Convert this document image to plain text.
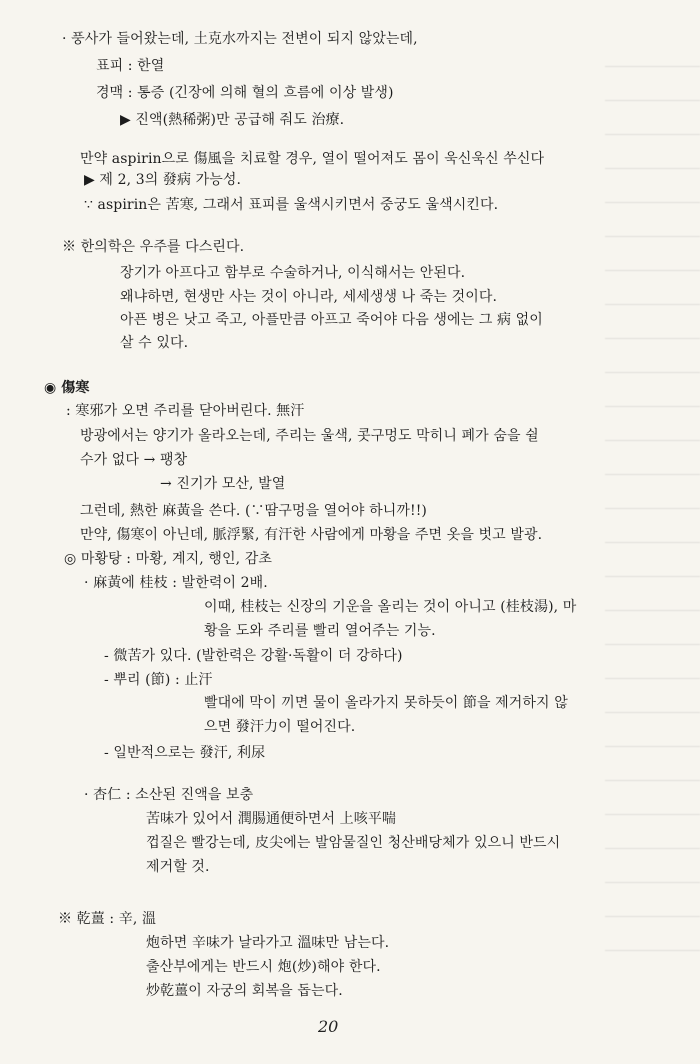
· 풍사가 들어왔는데, 土克水까지는 전변이 되지 않았는데,
표피 : 한열
경맥 : 통증 (긴장에 의해 혈의 흐름에 이상 발생)
▶ 진액(熱稀粥)만 공급해 줘도 治療.
만약 aspirin으로 傷風을 치료할 경우, 열이 떨어져도 몸이 욱신욱신 쑤신다
▶ 제 2, 3의 發病 가능성.
∵ aspirin은 苦寒, 그래서 표피를 울색시키면서 중궁도 울색시킨다.
※ 한의학은 우주를 다스린다.
장기가 아프다고 함부로 수술하거나, 이식해서는 안된다.
왜냐하면, 현생만 사는 것이 아니라, 세세생생 나 죽는 것이다.
아픈 병은 낫고 죽고, 아플만큼 아프고 죽어야 다음 생에는 그 病 없이
살 수 있다.
◉ 傷寒
: 寒邪가 오면 주리를 닫아버린다. 無汗
방광에서는 양기가 올라오는데, 주리는 울색, 콧구멍도 막히니 폐가 숨을 쉴
수가 없다 → 팽창
→ 진기가 모산, 발열
그런데, 熱한 麻黃을 쓴다. (∵땀구멍을 열어야 하니까!!)
만약, 傷寒이 아닌데, 脈浮緊, 有汗한 사람에게 마황을 주면 옷을 벗고 발광.
◎ 마황탕 : 마황, 계지, 행인, 감초
· 麻黃에 桂枝 : 발한력이 2배.
이때, 桂枝는 신장의 기운을 올리는 것이 아니고 (桂枝湯), 마
황을 도와 주리를 빨리 열어주는 기능.
- 微苦가 있다. (발한력은 강활·독활이 더 강하다)
- 뿌리 (節) : 止汗
빨대에 막이 끼면 물이 올라가지 못하듯이 節을 제거하지 않
으면 發汗力이 떨어진다.
- 일반적으로는 發汗, 利尿
· 杏仁 : 소산된 진액을 보충
苦味가 있어서 潤腸通便하면서 上咳平喘
껍질은 빨강는데, 皮尖에는 발암물질인 청산배당체가 있으니 반드시
제거할 것.
※ 乾薑 : 辛, 溫
炮하면 辛味가 날라가고 溫味만 남는다.
출산부에게는 반드시 炮(炒)해야 한다.
炒乾薑이 자궁의 회복을 돕는다.
20
